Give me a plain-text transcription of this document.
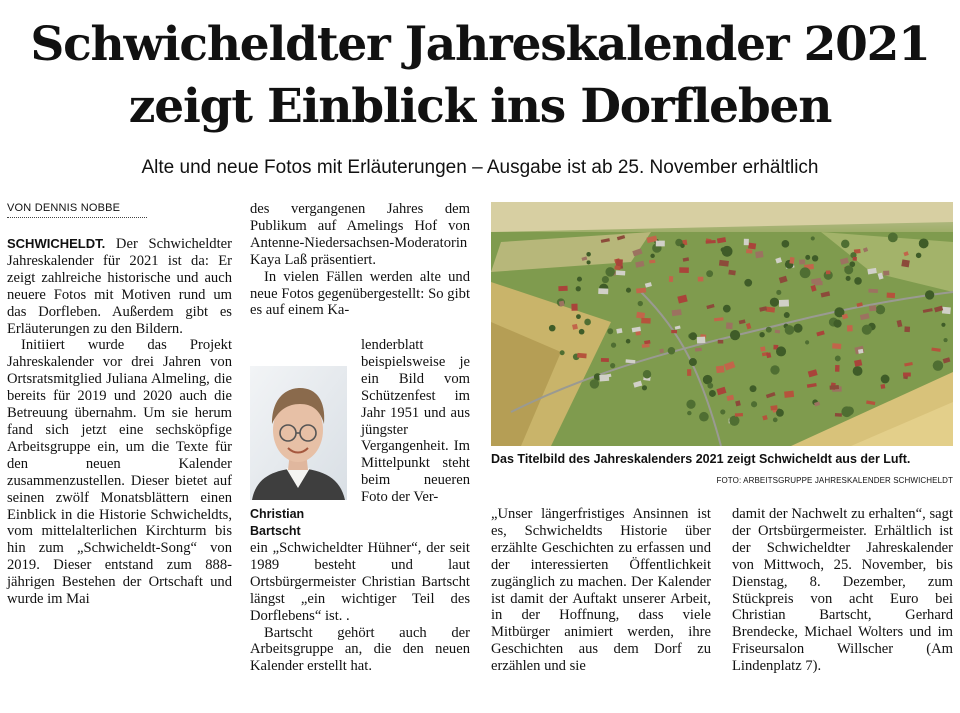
Schwicheldter Jahreskalender 2021
zeigt Einblick ins Dorfleben
Alte und neue Fotos mit Erläuterungen – Ausgabe ist ab 25. November erhältlich
VON DENNIS NOBBE

SCHWICHELDT. Der Schwicheldter Jahreskalender für 2021 ist da: Er zeigt zahlreiche historische und auch neuere Fotos mit Motiven rund um das Dorfleben. Außerdem gibt es Erläuterungen zu den Bildern.

Initiiert wurde das Projekt Jahreskalender vor drei Jahren von Ortsratsmitglied Juliana Almeling, die bereits für 2019 und 2020 auch die Betreuung übernahm. Um sie herum fand sich jetzt eine sechsköpfige Arbeitsgruppe ein, um die Texte für den neuen Kalender zusammenzustellen. Dieser bietet auf seinen zwölf Monatsblättern einen Einblick in die Historie Schwicheldts, vom mittelalterlichen Kirchturm bis hin zum „Schwicheldt-Song“ von 2019. Dieser entstand zum 888-jährigen Bestehen der Ortschaft und wurde im Mai

des vergangenen Jahres dem Publikum auf Amelings Hof von Antenne-Niedersachsen-Moderatorin Kaya Laß präsentiert.

In vielen Fällen werden alte und neue Fotos gegenübergestellt: So gibt es auf einem Ka-

lenderblatt beispielsweise je ein Bild vom Schützenfest im Jahr 1951 und aus jüngster Vergangenheit. Im Mittelpunkt steht beim neueren Foto der Ver-

Christian Bartscht

ein „Schwicheldter Hühner“, der seit 1989 besteht und laut Ortsbürgermeister Christian Bartscht längst „ein wichtiger Teil des Dorflebens“ ist. .

Bartscht gehört auch der Arbeitsgruppe an, die den neuen Kalender erstellt hat.

Das Titelbild des Jahreskalenders 2021 zeigt Schwicheldt aus der Luft.
FOTO: ARBEITSGRUPPE JAHRESKALENDER SCHWICHELDT

„Unser längerfristiges Ansinnen ist es, Schwicheldts Historie über erzählte Geschichten zu erfassen und der interessierten Öffentlichkeit zugänglich zu machen. Der Kalender ist damit der Auftakt unserer Arbeit, in der Hoffnung, dass viele Mitbürger animiert werden, ihre Geschichten aus dem Dorf zu erzählen und sie

damit der Nachwelt zu erhalten“, sagt der Ortsbürgermeister. Erhältlich ist der Schwicheldter Jahreskalender von Mittwoch, 25. November, bis Dienstag, 8. Dezember, zum Stückpreis von acht Euro bei Christian Bartscht, Gerhard Brendecke, Michael Wolters und im Friseursalon Willscher (Am Lindenplatz 7).
